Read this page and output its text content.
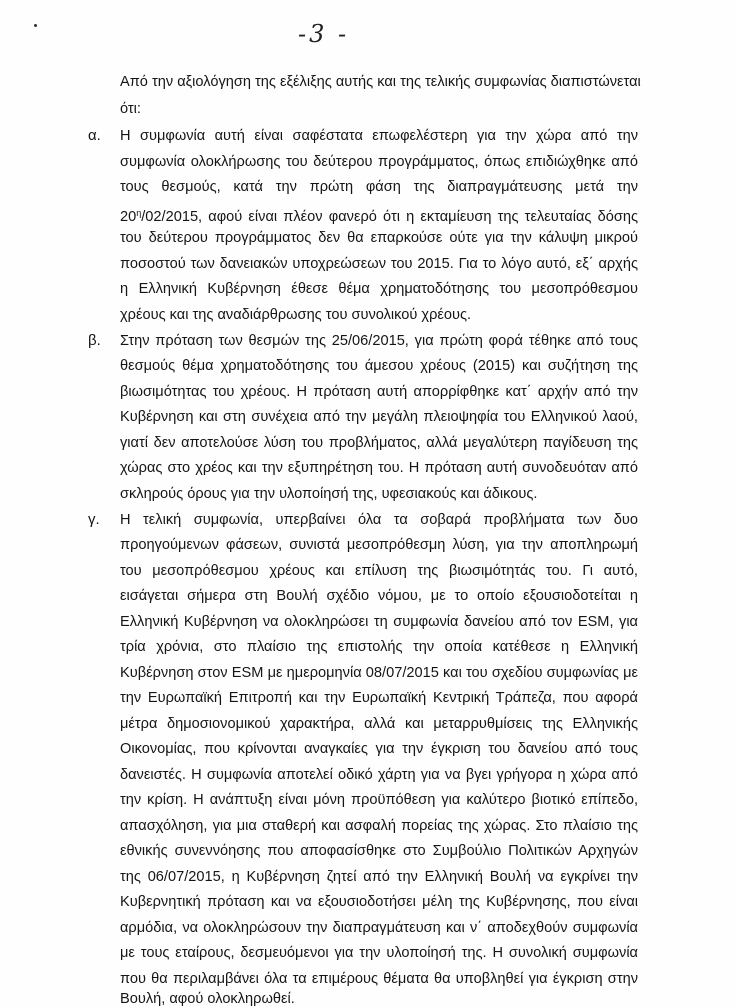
-3 -
Από την αξιολόγηση της εξέλιξης αυτής και της τελικής συμφωνίας διαπιστώνεται
ότι:
α. Η συμφωνία αυτή είναι σαφέστατα επωφελέστερη για την χώρα από την
συμφωνία ολοκλήρωσης του δεύτερου προγράμματος, όπως επιδιώχθηκε από
τους θεσμούς, κατά την πρώτη φάση της διαπραγμάτευσης μετά την
$20^\eta/02/2015$, αφού είναι πλέον φανερό ότι η εκταμίευση της τελευταίας δόσης
του δεύτερου προγράμματος δεν θα επαρκούσε ούτε για την κάλυψη μικρού
ποσοστού των δανειακών υποχρεώσεων του 2015. Για το λόγο αυτό, εξ΄ αρχής
η Ελληνική Κυβέρνηση έθεσε θέμα χρηματοδότησης του μεσοπρόθεσμου
χρέους και της αναδιάρθρωσης του συνολικού χρέους.
β. Στην πρόταση των θεσμών της 25/06/2015, για πρώτη φορά τέθηκε από τους
θεσμούς θέμα χρηματοδότησης του άμεσου χρέους (2015) και συζήτηση της
βιωσιμότητας του χρέους. Η πρόταση αυτή απορρίφθηκε κατ΄ αρχήν από την
Κυβέρνηση και στη συνέχεια από την μεγάλη πλειοψηφία του Ελληνικού λαού,
γιατί δεν αποτελούσε λύση του προβλήματος, αλλά μεγαλύτερη παγίδευση της
χώρας στο χρέος και την εξυπηρέτηση του. Η πρόταση αυτή συνοδευόταν από
σκληρούς όρους για την υλοποίησή της, υφεσιακούς και άδικους.
γ. Η τελική συμφωνία, υπερβαίνει όλα τα σοβαρά προβλήματα των δυο
προηγούμενων φάσεων, συνιστά μεσοπρόθεσμη λύση, για την αποπληρωμή
του μεσοπρόθεσμου χρέους και επίλυση της βιωσιμότητάς του. Γι αυτό,
εισάγεται σήμερα στη Βουλή σχέδιο νόμου, με το οποίο εξουσιοδοτείται η
Ελληνική Κυβέρνηση να ολοκληρώσει τη συμφωνία δανείου από τον ESM, για
τρία χρόνια, στο πλαίσιο της επιστολής την οποία κατέθεσε η Ελληνική
Κυβέρνηση στον ESM με ημερομηνία 08/07/2015 και του σχεδίου συμφωνίας με
την Ευρωπαϊκή Επιτροπή και την Ευρωπαϊκή Κεντρική Τράπεζα, που αφορά
μέτρα δημοσιονομικού χαρακτήρα, αλλά και μεταρρυθμίσεις της Ελληνικής
Οικονομίας, που κρίνονται αναγκαίες για την έγκριση του δανείου από τους
δανειστές. Η συμφωνία αποτελεί οδικό χάρτη για να βγει γρήγορα η χώρα από
την κρίση. Η ανάπτυξη είναι μόνη προϋπόθεση για καλύτερο βιοτικό επίπεδο,
απασχόληση, για μια σταθερή και ασφαλή πορείας της χώρας. Στο πλαίσιο της
εθνικής συνεννόησης που αποφασίσθηκε στο Συμβούλιο Πολιτικών Αρχηγών
της 06/07/2015, η Κυβέρνηση ζητεί από την Ελληνική Βουλή να εγκρίνει την
Κυβερνητική πρόταση και να εξουσιοδοτήσει μέλη της Κυβέρνησης, που είναι
αρμόδια, να ολοκληρώσουν την διαπραγμάτευση και ν΄ αποδεχθούν συμφωνία
με τους εταίρους, δεσμευόμενοι για την υλοποίησή της. Η συνολική συμφωνία
που θα περιλαμβάνει όλα τα επιμέρους θέματα θα υποβληθεί για έγκριση στην
Βουλή, αφού ολοκληρωθεί.
